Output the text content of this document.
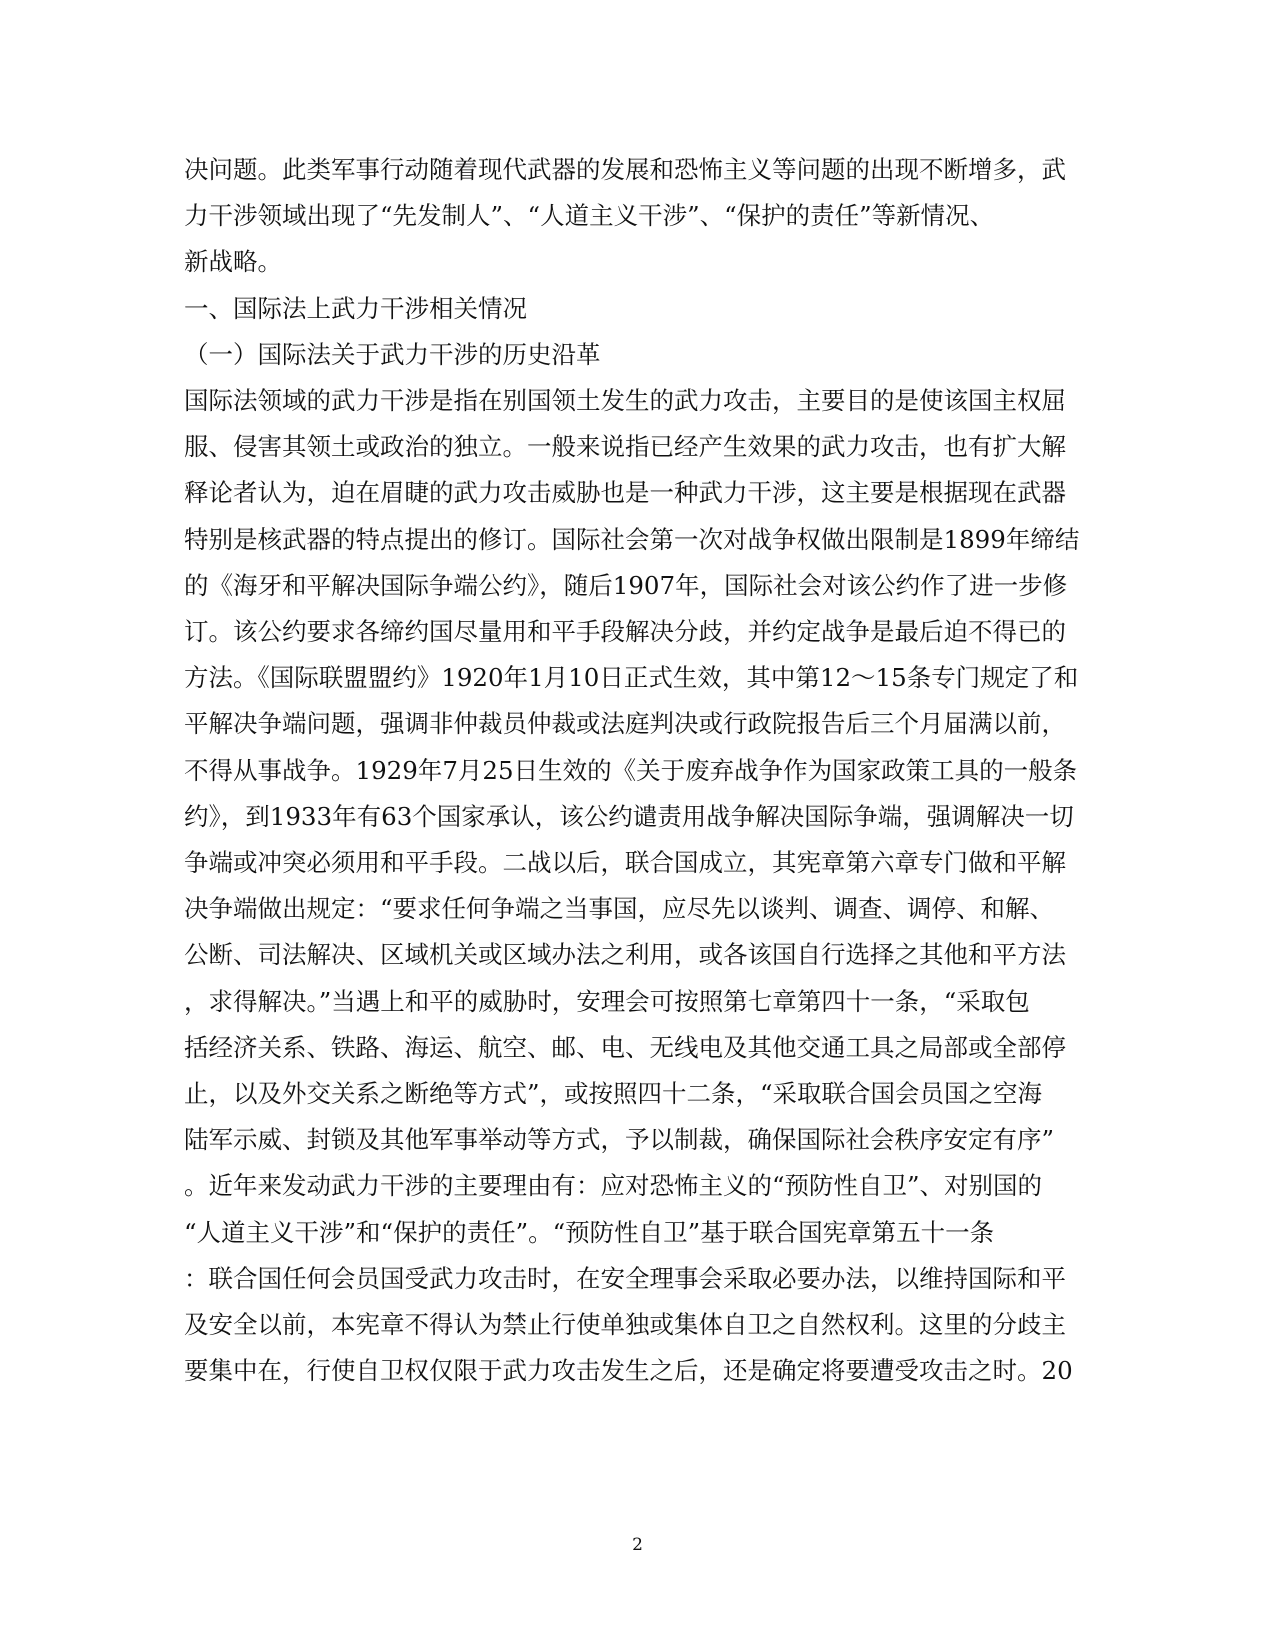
决问题。此类军事行动随着现代武器的发展和恐怖主义等问题的出现不断增多，武
力干涉领域出现了“先发制人”、“人道主义干涉”、“保护的责任”等新情况、
新战略。
一、国际法上武力干涉相关情况
（一）国际法关于武力干涉的历史沿革
国际法领域的武力干涉是指在别国领土发生的武力攻击，主要目的是使该国主权屈
服、侵害其领土或政治的独立。一般来说指已经产生效果的武力攻击，也有扩大解
释论者认为，迫在眉睫的武力攻击威胁也是一种武力干涉，这主要是根据现在武器
特别是核武器的特点提出的修订。国际社会第一次对战争权做出限制是1899年缔结
的《海牙和平解决国际争端公约》，随后1907年，国际社会对该公约作了进一步修
订。该公约要求各缔约国尽量用和平手段解决分歧，并约定战争是最后迫不得已的
方法。《国际联盟盟约》1920年1月10日正式生效，其中第12～15条专门规定了和
平解决争端问题，强调非仲裁员仲裁或法庭判决或行政院报告后三个月届满以前，
不得从事战争。1929年7月25日生效的《关于废弃战争作为国家政策工具的一般条
约》，到1933年有63个国家承认，该公约谴责用战争解决国际争端，强调解决一切
争端或冲突必须用和平手段。二战以后，联合国成立，其宪章第六章专门做和平解
决争端做出规定：“要求任何争端之当事国，应尽先以谈判、调查、调停、和解、
公断、司法解决、区域机关或区域办法之利用，或各该国自行选择之其他和平方法
，求得解决。”当遇上和平的威胁时，安理会可按照第七章第四十一条，“采取包
括经济关系、铁路、海运、航空、邮、电、无线电及其他交通工具之局部或全部停
止，以及外交关系之断绝等方式”，或按照四十二条，“采取联合国会员国之空海
陆军示威、封锁及其他军事举动等方式，予以制裁，确保国际社会秩序安定有序”
。近年来发动武力干涉的主要理由有：应对恐怖主义的“预防性自卫”、对别国的
“人道主义干涉”和“保护的责任”。“预防性自卫”基于联合国宪章第五十一条
：联合国任何会员国受武力攻击时，在安全理事会采取必要办法，以维持国际和平
及安全以前，本宪章不得认为禁止行使单独或集体自卫之自然权利。这里的分歧主
要集中在，行使自卫权仅限于武力攻击发生之后，还是确定将要遭受攻击之时。20
2
